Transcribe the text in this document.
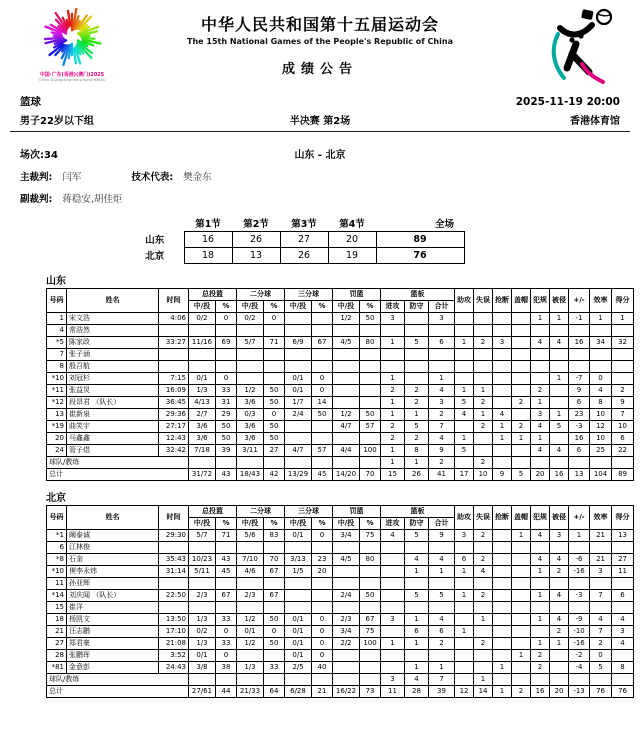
中国·广东(香港)(澳门)2025
China Guangdong·Hong Kong·Macao
中华人民共和国第十五届运动会
The 15th National Games of the People's Republic of China
成绩公告
篮球	2025-11-19 20:00
男子22岁以下组	半决赛 第2场	香港体育馆
场次:34	山东 - 北京
主裁判: 闫军	技术代表: 樊金东
副裁判: 蒋稳安,胡佳炬
	第1节	第2节	第3节	第4节	全场
山东	16	26	27	20	89
北京	18	13	26	19	76
山东
号码	姓名	时间	总投篮		二分球		三分球		罚篮		篮板			助攻	失误	抢断	盖帽	犯规	被侵	+/-	效率	得分
			中/投	%	中/投	%	中/投	%	中/投	%	进攻	防守	合计									
1	宋文浩	4:06	0/2	0	0/2	0			1/2	50	3		3					1	1	-1	1	1
4	常浩然																					
*5	陈家政	33:27	11/16	69	5/7	71	6/9	67	4/5	80	1	5	6	1	2	3		4	4	16	34	32
7	张子涵																					
8	殷召航																					
*10	刘冠杉	7:15	0/1	0			0/1	0			1		1						1	-7	0	
*11	张益炅	16:09	1/3	33	1/2	50	0/1	0			2	2	4	1	1			2		9	4	2
*12	段昂君 （队长）	36:45	4/13	31	3/6	50	1/7	14			1	2	3	5	2		2	1		6	8	9
13	崔新泉	29:36	2/7	29	0/3	0	2/4	50	1/2	50	1	1	2	4	1	4		3	1	23	10	7
*19	曲笑宇	27:17	3/6	50	3/6	50			4/7	57	2	5	7		2	1	2	4	5	-3	12	10
20	马鑫鑫	12:43	3/6	50	3/6	50					2	2	4	1		1	1	1		16	10	6
24	管子煜	32:42	7/18	39	3/11	27	4/7	57	4/4	100	1	8	9	5				4	4	6	25	22
球队/教练											1	1	2		2							
总计			31/72	43	18/43	42	13/29	45	14/20	70	15	26	41	17	10	9	5	20	16	13	104	89
北京
号码	姓名	时间	总投篮		二分球		三分球		罚篮		篮板			助攻	失误	抢断	盖帽	犯规	被侵	+/-	效率	得分
			中/投	%	中/投	%	中/投	%	中/投	%	进攻	防守	合计									
*1	阚泰诚	29:30	5/7	71	5/6	83	0/1	0	3/4	75	4	5	9	3	2		1	4	3	1	21	13
6	江林俊																					
*8	石奎	35:43	10/23	43	7/10	70	3/13	23	4/5	80		4	4	6	2			4	4	-6	21	27
*10	偰李永炜	31:14	5/11	45	4/6	67	1/5	20				1	1	1	4			1	2	-16	3	11
11	孙亚辉																					
*14	刘庆闻 （队长）	22:50	2/3	67	2/3	67			2/4	50		5	5	1	2			1	4	-3	7	6
15	崔洋																					
18	杨凯文	13:50	1/3	33	1/2	50	0/1	0	2/3	67	3	1	4		1			1	4	-9	4	4
21	汪志鹏	17:10	0/2	0	0/1	0	0/1	0	3/4	75		6	6	1					2	-10	7	3
27	郑君豪	21:08	1/3	33	1/2	50	0/1	0	2/2	100	1	1	2		2			1	1	-16	2	4
28	张鹏珲	3:52	0/1	0			0/1	0									1	2		-2	0	
*81	金意彭	24:43	3/8	38	1/3	33	2/5	40				1	1			1		2		-4	5	8
球队/教练											3	4	7		1							
总计			27/61	44	21/33	64	6/28	21	16/22	73	11	28	39	12	14	1	2	16	20	-13	76	76
